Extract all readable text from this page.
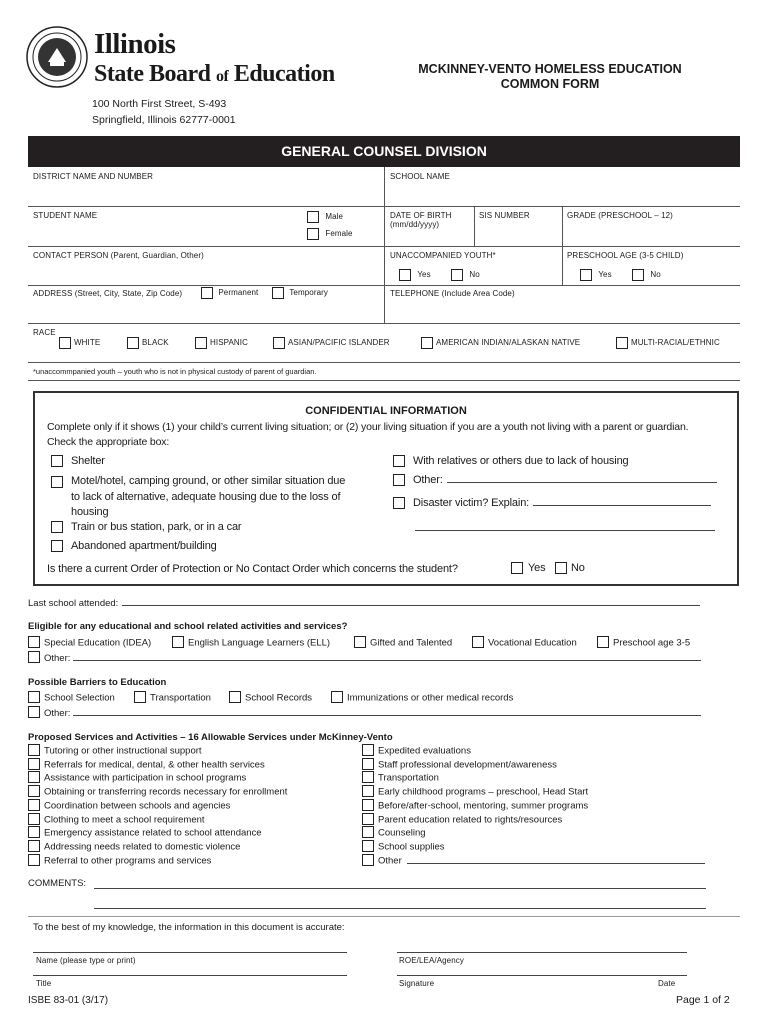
Illinois
State Board of Education
100 North First Street, S-493
Springfield, Illinois 62777-0001
MCKINNEY-VENTO HOMELESS EDUCATION
COMMON FORM
GENERAL COUNSEL DIVISION
DISTRICT NAME AND NUMBER	SCHOOL NAME
STUDENT NAME	Male
Female
DATE OF BIRTH
(mm/dd/yyyy)
SIS NUMBER	GRADE (PRESCHOOL – 12)
CONTACT PERSON (Parent, Guardian, Other)	UNACCOMPANIED YOUTH*
Yes	No
PRESCHOOL AGE (3-5 CHILD)
Yes	No
ADDRESS (Street, City, State, Zip Code)	Permanent	Temporary	TELEPHONE (Include Area Code)
RACE
WHITE	BLACK	HISPANIC	ASIAN/PACIFIC ISLANDER	AMERICAN INDIAN/ALASKAN NATIVE	MULTI-RACIAL/ETHNIC
*unaccommpanied youth – youth who is not in physical custody of parent of guardian.
CONFIDENTIAL INFORMATION
Complete only if it shows (1) your child’s current living situation; or (2) your living situation if you are a youth not living with a parent or guardian.
Check the appropriate box:
Shelter
Motel/hotel, camping ground, or other similar situation due
to lack of alternative, adequate housing due to the loss of
housing
Train or bus station, park, or in a car
Abandoned apartment/building
With relatives or others due to lack of housing
Other:
Disaster victim? Explain:
Is there a current Order of Protection or No Contact Order which concerns the student?	Yes	No
Last school attended:
Eligible for any educational and school related activities and services?
Special Education (IDEA)	English Language Learners (ELL)	Gifted and Talented	Vocational Education	Preschool age 3-5
Other:
Possible Barriers to Education
School Selection	Transportation	School Records	Immunizations or other medical records
Other:
Proposed Services and Activities – 16 Allowable Services under McKinney-Vento
Tutoring or other instructional support
Referrals for medical, dental, & other health services
Assistance with participation in school programs
Obtaining or transferring records necessary for enrollment
Coordination between schools and agencies
Clothing to meet a school requirement
Emergency assistance related to school attendance
Addressing needs related to domestic violence
Referral to other programs and services
Expedited evaluations
Staff professional development/awareness
Transportation
Early childhood programs – preschool, Head Start
Before/after-school, mentoring, summer programs
Parent education related to rights/resources
Counseling
School supplies
Other
COMMENTS:
To the best of my knowledge, the information in this document is accurate:
Name (please type or print)	ROE/LEA/Agency
Title	Signature	Date
ISBE 83-01 (3/17)	Page 1 of 2
